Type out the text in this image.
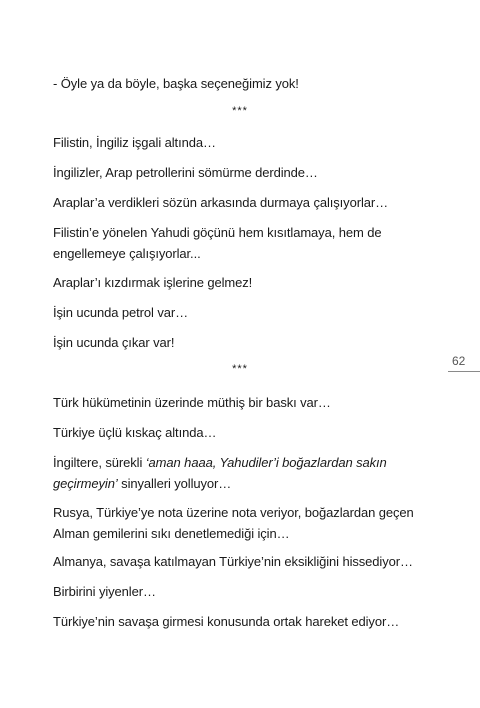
- Öyle ya da böyle, başka seçeneğimiz yok!

***

Filistin, İngiliz işgali altında…

İngilizler, Arap petrollerini sömürme derdinde…

Araplar’a verdikleri sözün arkasında durmaya çalışıyorlar…

Filistin’e yönelen Yahudi göçünü hem kısıtlamaya, hem de

engellemeye çalışıyorlar...

Araplar’ı kızdırmak işlerine gelmez!

İşin ucunda petrol var…

İşin ucunda çıkar var!

62
***

Türk hükümetinin üzerinde müthiş bir baskı var…

Türkiye üçlü kıskaç altında…

İngiltere, sürekli ‘aman haaa, Yahudiler’i boğazlardan sakın

geçirmeyin’ sinyalleri yolluyor…

Rusya, Türkiye’ye nota üzerine nota veriyor, boğazlardan geçen

Alman gemilerini sıkı denetlemediği için…

Almanya, savaşa katılmayan Türkiye’nin eksikliğini hissediyor…

Birbirini yiyenler…

Türkiye’nin savaşa girmesi konusunda ortak hareket ediyor…
